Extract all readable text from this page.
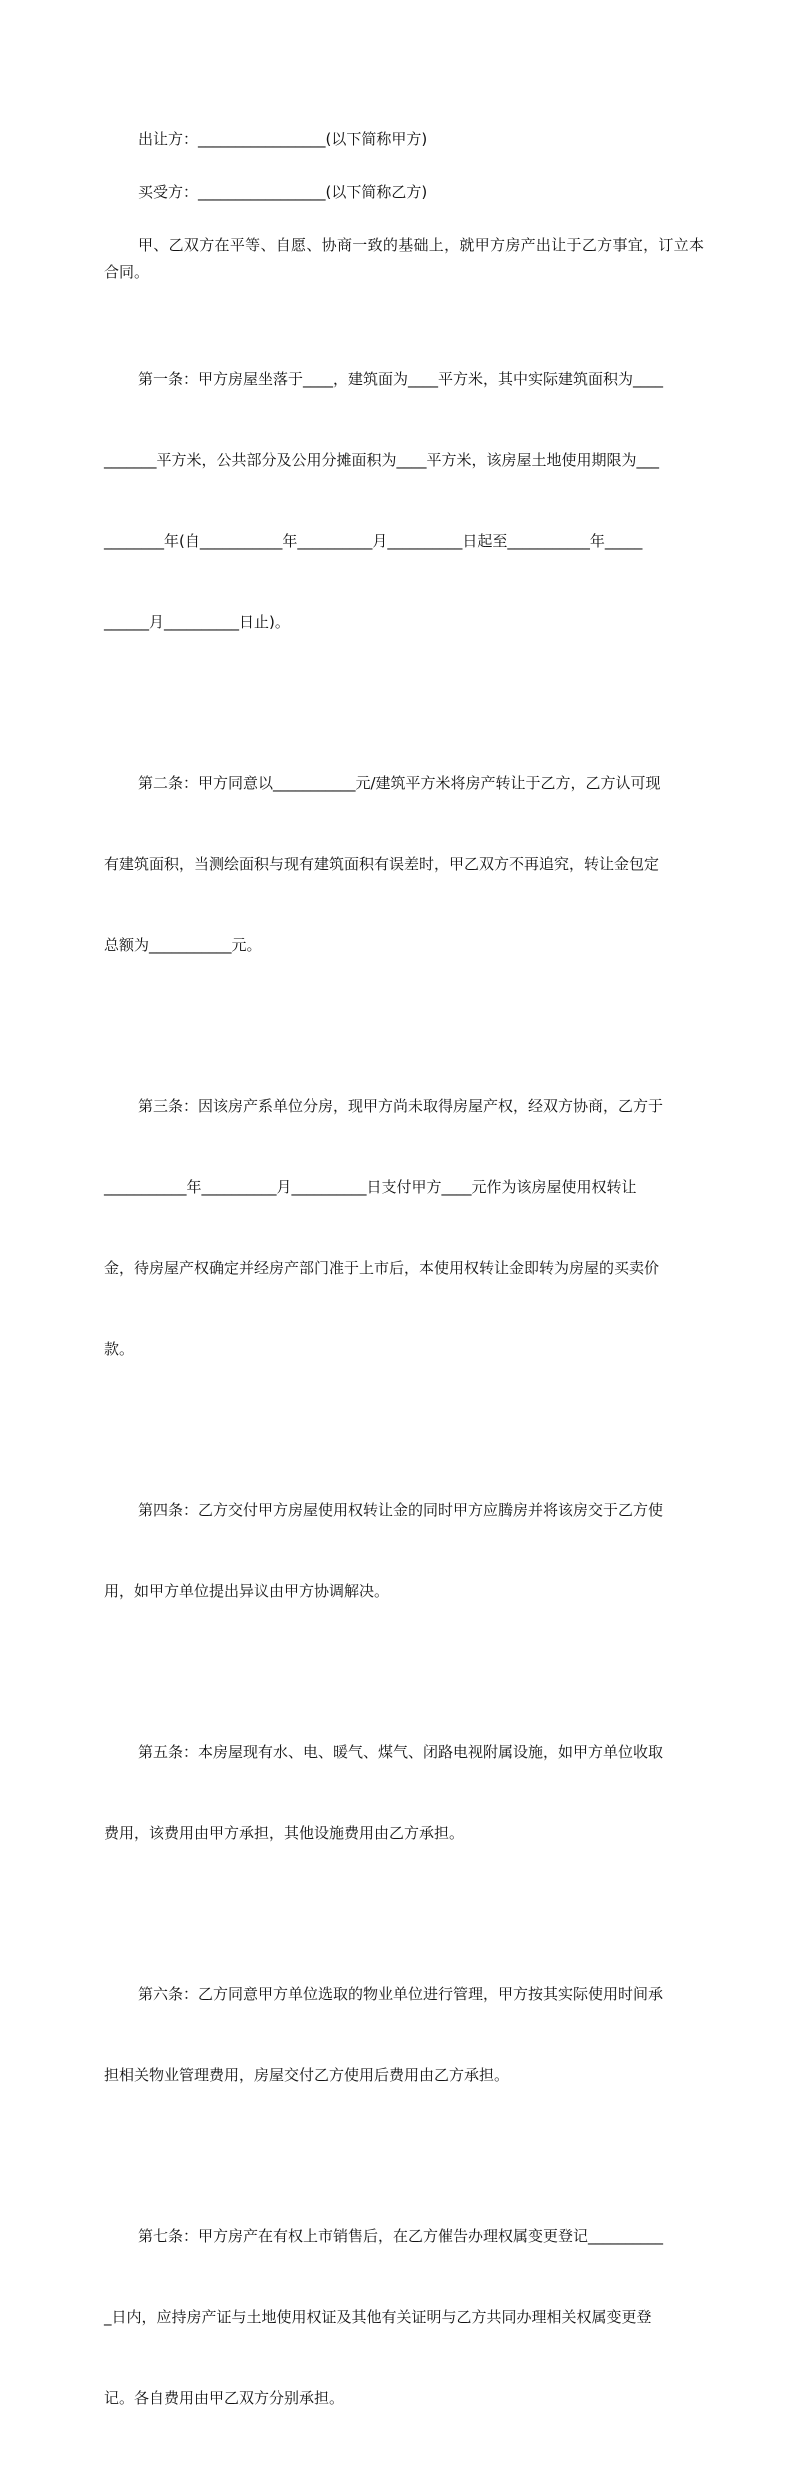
出让方：_________________(以下简称甲方)

买受方：_________________(以下简称乙方)

甲、乙双方在平等、自愿、协商一致的基础上，就甲方房产出让于乙方事宜，订立本合同。

第一条：甲方房屋坐落于____，建筑面为____平方米，其中实际建筑面积为____

_______平方米，公共部分及公用分摊面积为____平方米，该房屋土地使用期限为___

________年(自___________年__________月__________日起至___________年_____

______月__________日止)。

第二条：甲方同意以___________元/建筑平方米将房产转让于乙方，乙方认可现

有建筑面积，当测绘面积与现有建筑面积有误差时，甲乙双方不再追究，转让金包定

总额为___________元。

第三条：因该房产系单位分房，现甲方尚未取得房屋产权，经双方协商，乙方于

___________年__________月__________日支付甲方____元作为该房屋使用权转让

金，待房屋产权确定并经房产部门准于上市后，本使用权转让金即转为房屋的买卖价

款。

第四条：乙方交付甲方房屋使用权转让金的同时甲方应腾房并将该房交于乙方使

用，如甲方单位提出异议由甲方协调解决。

第五条：本房屋现有水、电、暖气、煤气、闭路电视附属设施，如甲方单位收取

费用，该费用由甲方承担，其他设施费用由乙方承担。

第六条：乙方同意甲方单位选取的物业单位进行管理，甲方按其实际使用时间承

担相关物业管理费用，房屋交付乙方使用后费用由乙方承担。

第七条：甲方房产在有权上市销售后，在乙方催告办理权属变更登记__________

_日内，应持房产证与土地使用权证及其他有关证明与乙方共同办理相关权属变更登

记。各自费用由甲乙双方分别承担。
